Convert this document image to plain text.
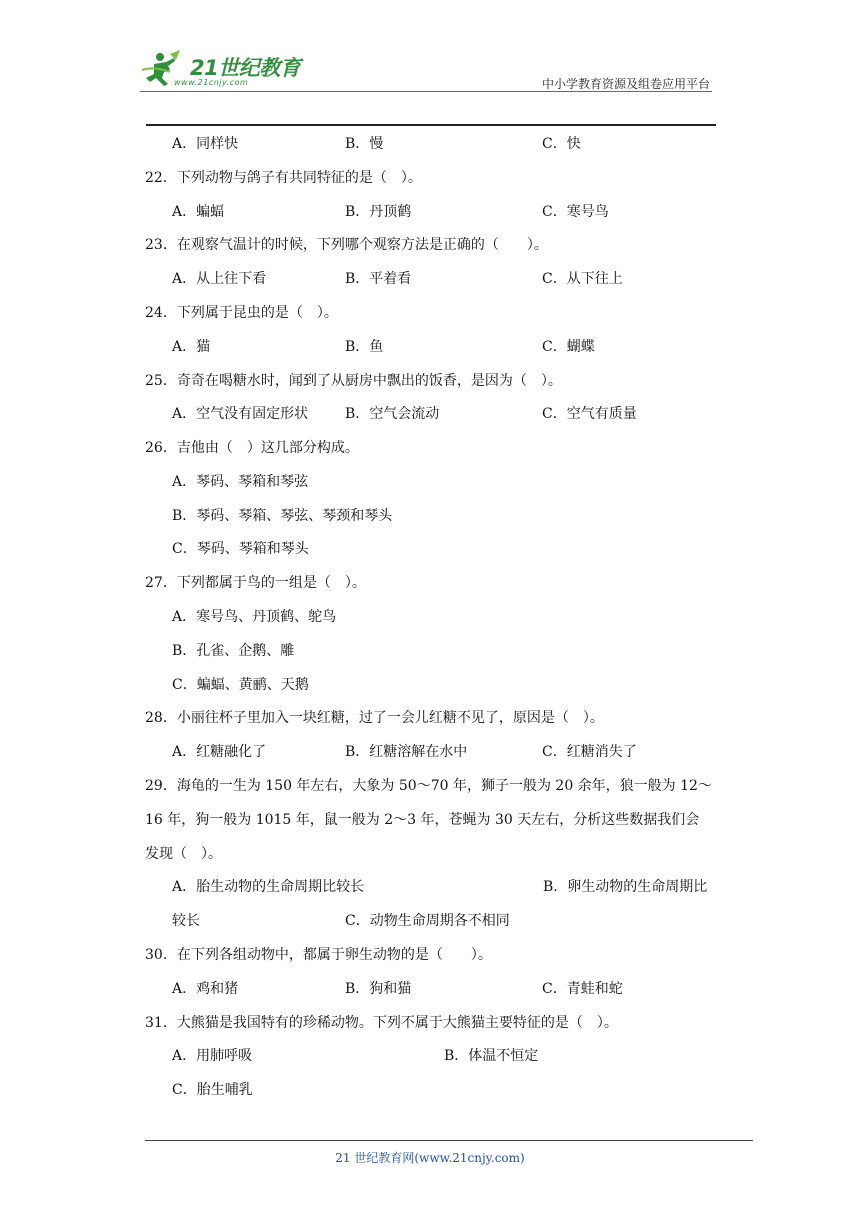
21世纪教育
www.21cnjy.com	中小学教育资源及组卷应用平台
A．同样快	B．慢	C．快
22．下列动物与鸽子有共同特征的是（　）。
A．蝙蝠	B．丹顶鹤	C．寒号鸟
23．在观察气温计的时候，下列哪个观察方法是正确的（　　）。
A．从上往下看	B．平着看	C．从下往上
24．下列属于昆虫的是（　）。
A．猫	B．鱼	C．蝴蝶
25．奇奇在喝糖水时，闻到了从厨房中飘出的饭香，是因为（　）。
A．空气没有固定形状	B．空气会流动	C．空气有质量
26．吉他由（　）这几部分构成。
A．琴码、琴箱和琴弦
B．琴码、琴箱、琴弦、琴颈和琴头
C．琴码、琴箱和琴头
27．下列都属于鸟的一组是（　）。
A．寒号鸟、丹顶鹤、鸵鸟
B．孔雀、企鹅、雕
C．蝙蝠、黄鹂、天鹅
28．小丽往杯子里加入一块红糖，过了一会儿红糖不见了，原因是（　）。
A．红糖融化了	B．红糖溶解在水中	C．红糖消失了
29．海龟的一生为 150 年左右，大象为 50～70 年，狮子一般为 20 余年，狼一般为 12～
16 年，狗一般为 1015 年，鼠一般为 2～3 年，苍蝇为 30 天左右，分析这些数据我们会
发现（　）。
A．胎生动物的生命周期比较长	B．卵生动物的生命周期比
较长	C．动物生命周期各不相同
30．在下列各组动物中，都属于卵生动物的是（　　）。
A．鸡和猪	B．狗和猫	C．青蛙和蛇
31．大熊猫是我国特有的珍稀动物。下列不属于大熊猫主要特征的是（　）。
A．用肺呼吸	B．体温不恒定
C．胎生哺乳
21 世纪教育网(www.21cnjy.com)
